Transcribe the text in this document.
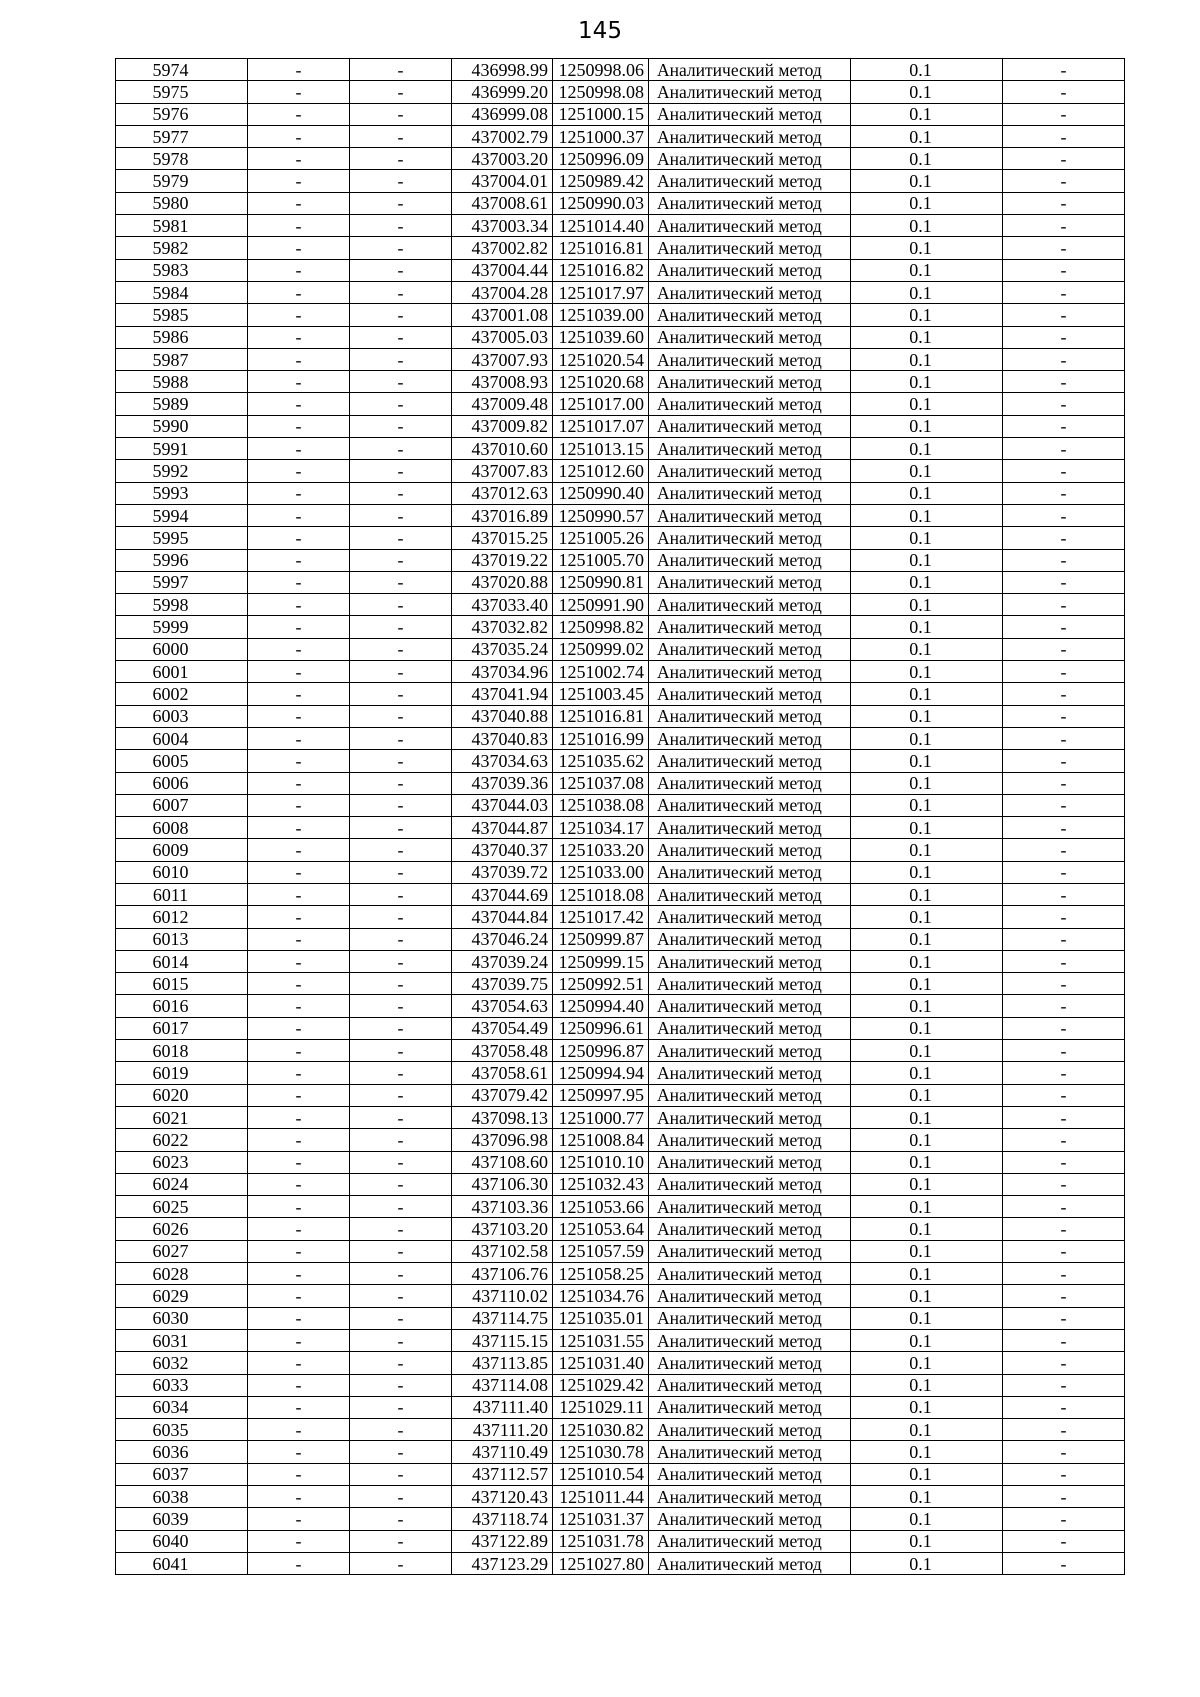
145
5974	-	-	436998.99	1250998.06	Аналитический метод	0.1	-
5975	-	-	436999.20	1250998.08	Аналитический метод	0.1	-
5976	-	-	436999.08	1251000.15	Аналитический метод	0.1	-
5977	-	-	437002.79	1251000.37	Аналитический метод	0.1	-
5978	-	-	437003.20	1250996.09	Аналитический метод	0.1	-
5979	-	-	437004.01	1250989.42	Аналитический метод	0.1	-
5980	-	-	437008.61	1250990.03	Аналитический метод	0.1	-
5981	-	-	437003.34	1251014.40	Аналитический метод	0.1	-
5982	-	-	437002.82	1251016.81	Аналитический метод	0.1	-
5983	-	-	437004.44	1251016.82	Аналитический метод	0.1	-
5984	-	-	437004.28	1251017.97	Аналитический метод	0.1	-
5985	-	-	437001.08	1251039.00	Аналитический метод	0.1	-
5986	-	-	437005.03	1251039.60	Аналитический метод	0.1	-
5987	-	-	437007.93	1251020.54	Аналитический метод	0.1	-
5988	-	-	437008.93	1251020.68	Аналитический метод	0.1	-
5989	-	-	437009.48	1251017.00	Аналитический метод	0.1	-
5990	-	-	437009.82	1251017.07	Аналитический метод	0.1	-
5991	-	-	437010.60	1251013.15	Аналитический метод	0.1	-
5992	-	-	437007.83	1251012.60	Аналитический метод	0.1	-
5993	-	-	437012.63	1250990.40	Аналитический метод	0.1	-
5994	-	-	437016.89	1250990.57	Аналитический метод	0.1	-
5995	-	-	437015.25	1251005.26	Аналитический метод	0.1	-
5996	-	-	437019.22	1251005.70	Аналитический метод	0.1	-
5997	-	-	437020.88	1250990.81	Аналитический метод	0.1	-
5998	-	-	437033.40	1250991.90	Аналитический метод	0.1	-
5999	-	-	437032.82	1250998.82	Аналитический метод	0.1	-
6000	-	-	437035.24	1250999.02	Аналитический метод	0.1	-
6001	-	-	437034.96	1251002.74	Аналитический метод	0.1	-
6002	-	-	437041.94	1251003.45	Аналитический метод	0.1	-
6003	-	-	437040.88	1251016.81	Аналитический метод	0.1	-
6004	-	-	437040.83	1251016.99	Аналитический метод	0.1	-
6005	-	-	437034.63	1251035.62	Аналитический метод	0.1	-
6006	-	-	437039.36	1251037.08	Аналитический метод	0.1	-
6007	-	-	437044.03	1251038.08	Аналитический метод	0.1	-
6008	-	-	437044.87	1251034.17	Аналитический метод	0.1	-
6009	-	-	437040.37	1251033.20	Аналитический метод	0.1	-
6010	-	-	437039.72	1251033.00	Аналитический метод	0.1	-
6011	-	-	437044.69	1251018.08	Аналитический метод	0.1	-
6012	-	-	437044.84	1251017.42	Аналитический метод	0.1	-
6013	-	-	437046.24	1250999.87	Аналитический метод	0.1	-
6014	-	-	437039.24	1250999.15	Аналитический метод	0.1	-
6015	-	-	437039.75	1250992.51	Аналитический метод	0.1	-
6016	-	-	437054.63	1250994.40	Аналитический метод	0.1	-
6017	-	-	437054.49	1250996.61	Аналитический метод	0.1	-
6018	-	-	437058.48	1250996.87	Аналитический метод	0.1	-
6019	-	-	437058.61	1250994.94	Аналитический метод	0.1	-
6020	-	-	437079.42	1250997.95	Аналитический метод	0.1	-
6021	-	-	437098.13	1251000.77	Аналитический метод	0.1	-
6022	-	-	437096.98	1251008.84	Аналитический метод	0.1	-
6023	-	-	437108.60	1251010.10	Аналитический метод	0.1	-
6024	-	-	437106.30	1251032.43	Аналитический метод	0.1	-
6025	-	-	437103.36	1251053.66	Аналитический метод	0.1	-
6026	-	-	437103.20	1251053.64	Аналитический метод	0.1	-
6027	-	-	437102.58	1251057.59	Аналитический метод	0.1	-
6028	-	-	437106.76	1251058.25	Аналитический метод	0.1	-
6029	-	-	437110.02	1251034.76	Аналитический метод	0.1	-
6030	-	-	437114.75	1251035.01	Аналитический метод	0.1	-
6031	-	-	437115.15	1251031.55	Аналитический метод	0.1	-
6032	-	-	437113.85	1251031.40	Аналитический метод	0.1	-
6033	-	-	437114.08	1251029.42	Аналитический метод	0.1	-
6034	-	-	437111.40	1251029.11	Аналитический метод	0.1	-
6035	-	-	437111.20	1251030.82	Аналитический метод	0.1	-
6036	-	-	437110.49	1251030.78	Аналитический метод	0.1	-
6037	-	-	437112.57	1251010.54	Аналитический метод	0.1	-
6038	-	-	437120.43	1251011.44	Аналитический метод	0.1	-
6039	-	-	437118.74	1251031.37	Аналитический метод	0.1	-
6040	-	-	437122.89	1251031.78	Аналитический метод	0.1	-
6041	-	-	437123.29	1251027.80	Аналитический метод	0.1	-
